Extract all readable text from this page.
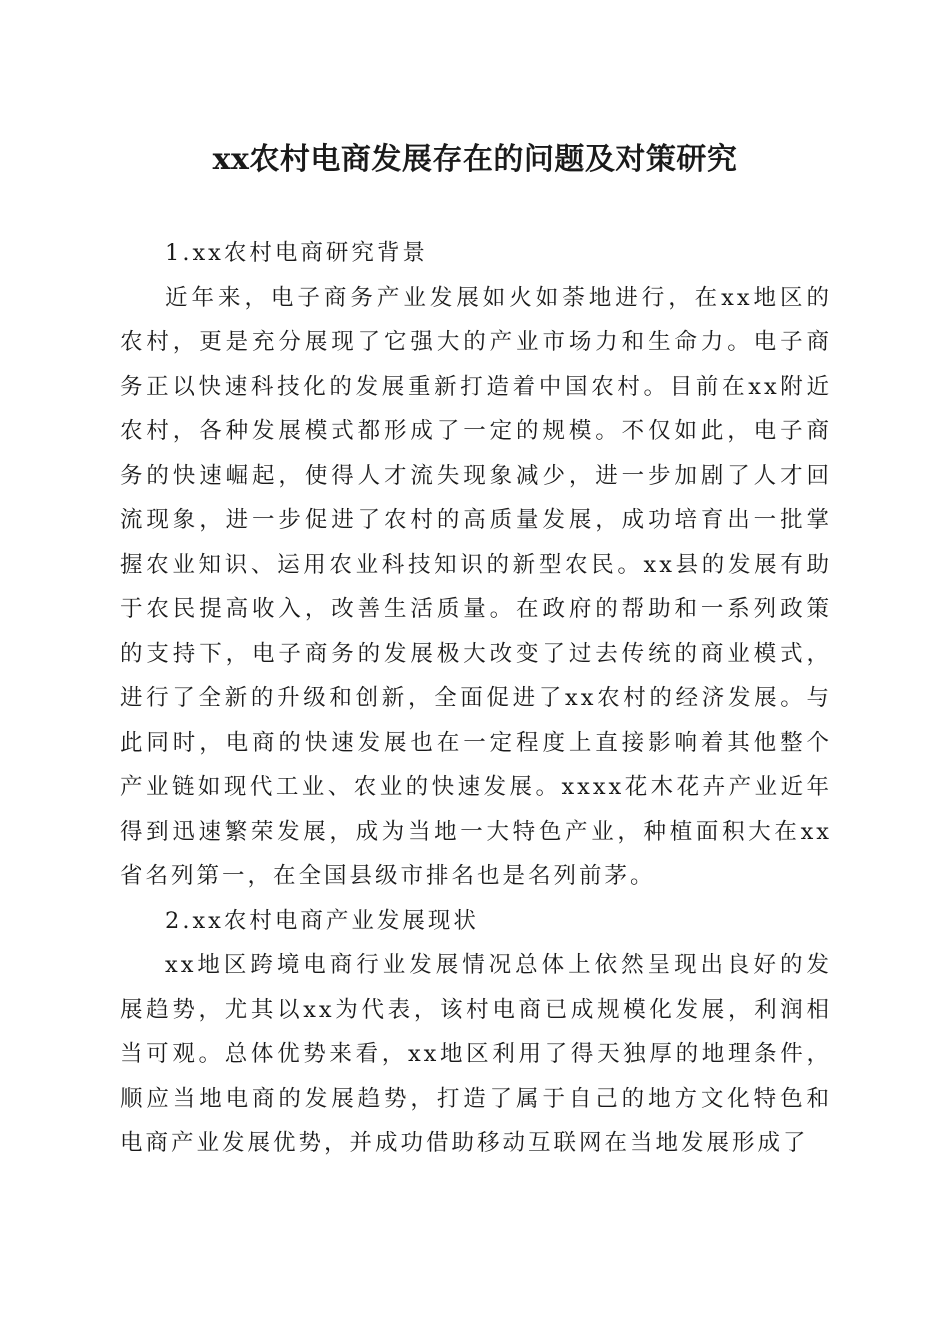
xx农村电商发展存在的问题及对策研究

1.xx农村电商研究背景

近年来，电子商务产业发展如火如荼地进行，在xx地区的农村，更是充分展现了它强大的产业市场力和生命力。电子商务正以快速科技化的发展重新打造着中国农村。目前在xx附近农村，各种发展模式都形成了一定的规模。不仅如此，电子商务的快速崛起，使得人才流失现象减少，进一步加剧了人才回流现象，进一步促进了农村的高质量发展，成功培育出一批掌握农业知识、运用农业科技知识的新型农民。xx县的发展有助于农民提高收入，改善生活质量。在政府的帮助和一系列政策的支持下，电子商务的发展极大改变了过去传统的商业模式，进行了全新的升级和创新，全面促进了xx农村的经济发展。与此同时，电商的快速发展也在一定程度上直接影响着其他整个产业链如现代工业、农业的快速发展。xxxx花木花卉产业近年得到迅速繁荣发展，成为当地一大特色产业，种植面积大在xx省名列第一，在全国县级市排名也是名列前茅。

2.xx农村电商产业发展现状

xx地区跨境电商行业发展情况总体上依然呈现出良好的发展趋势，尤其以xx为代表，该村电商已成规模化发展，利润相当可观。总体优势来看，xx地区利用了得天独厚的地理条件，顺应当地电商的发展趋势，打造了属于自己的地方文化特色和电商产业发展优势，并成功借助移动互联网在当地发展形成了
